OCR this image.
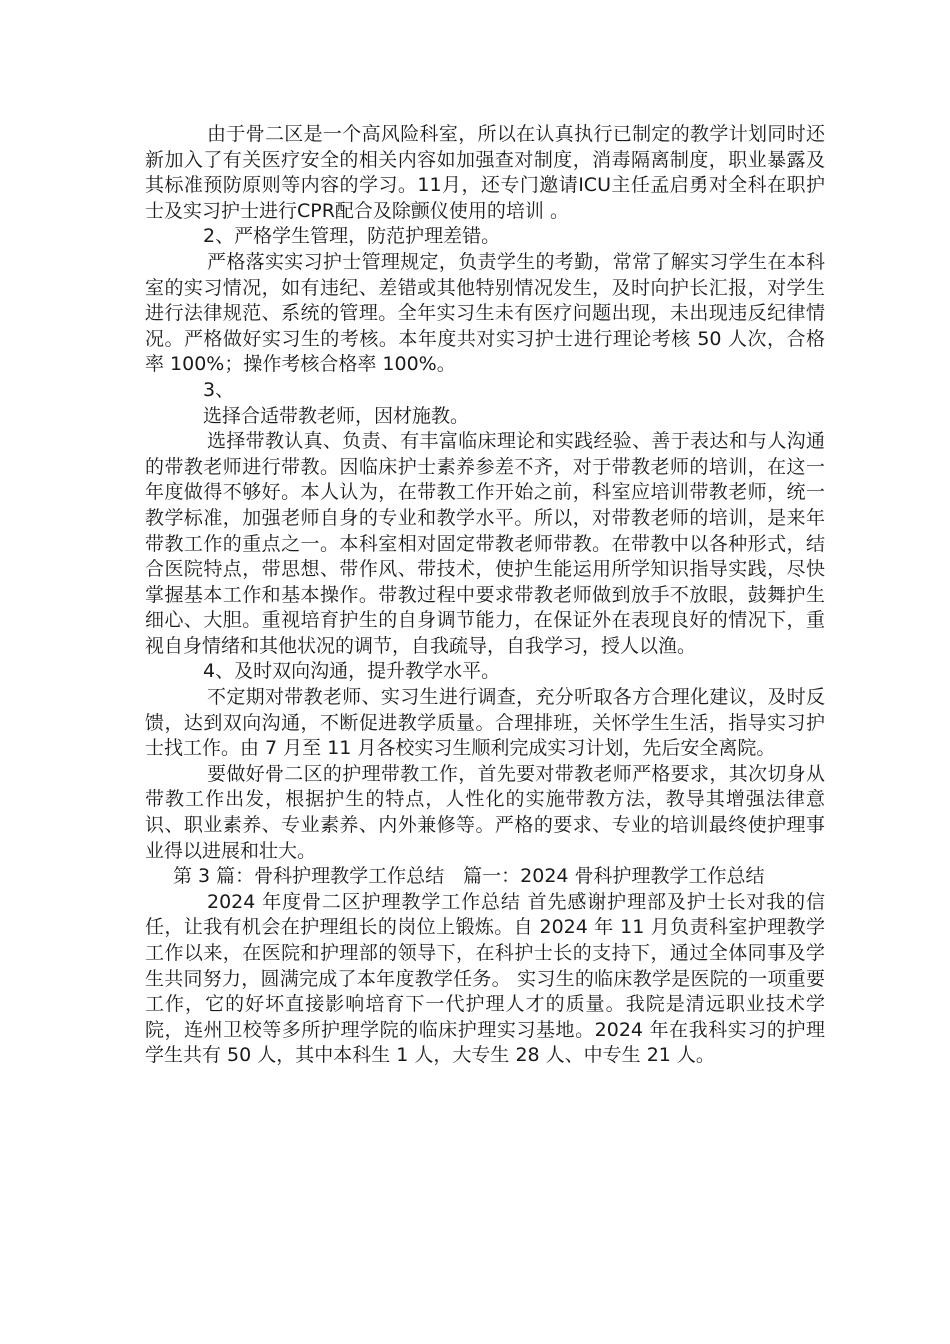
由于骨二区是一个高风险科室，所以在认真执行已制定的教学计划同时还新加入了有关医疗安全的相关内容如加强查对制度，消毒隔离制度，职业暴露及其标准预防原则等内容的学习。11月，还专门邀请ICU主任孟启勇对全科在职护士及实习护士进行CPR配合及除颤仪使用的培训 。

2、严格学生管理，防范护理差错。

严格落实实习护士管理规定，负责学生的考勤，常常了解实习学生在本科室的实习情况，如有违纪、差错或其他特别情况发生，及时向护长汇报，对学生进行法律规范、系统的管理。全年实习生未有医疗问题出现，未出现违反纪律情况。严格做好实习生的考核。本年度共对实习护士进行理论考核 50 人次，合格率 100%；操作考核合格率 100%。

3、

选择合适带教老师，因材施教。

选择带教认真、负责、有丰富临床理论和实践经验、善于表达和与人沟通的带教老师进行带教。因临床护士素养参差不齐，对于带教老师的培训，在这一年度做得不够好。本人认为，在带教工作开始之前，科室应培训带教老师，统一教学标准，加强老师自身的专业和教学水平。所以，对带教老师的培训，是来年带教工作的重点之一。本科室相对固定带教老师带教。在带教中以各种形式，结合医院特点，带思想、带作风、带技术，使护生能运用所学知识指导实践，尽快掌握基本工作和基本操作。带教过程中要求带教老师做到放手不放眼，鼓舞护生细心、大胆。重视培育护生的自身调节能力，在保证外在表现良好的情况下，重视自身情绪和其他状况的调节，自我疏导，自我学习，授人以渔。

4、及时双向沟通，提升教学水平。

不定期对带教老师、实习生进行调查，充分听取各方合理化建议，及时反馈，达到双向沟通，不断促进教学质量。合理排班，关怀学生生活，指导实习护士找工作。由 7 月至 11 月各校实习生顺利完成实习计划，先后安全离院。

要做好骨二区的护理带教工作，首先要对带教老师严格要求，其次切身从带教工作出发，根据护生的特点，人性化的实施带教方法，教导其增强法律意识、职业素养、专业素养、内外兼修等。严格的要求、专业的培训最终使护理事业得以进展和壮大。

第 3 篇：骨科护理教学工作总结　篇一：2024 骨科护理教学工作总结

2024 年度骨二区护理教学工作总结 首先感谢护理部及护士长对我的信任，让我有机会在护理组长的岗位上锻炼。自 2024 年 11 月负责科室护理教学工作以来，在医院和护理部的领导下，在科护士长的支持下，通过全体同事及学生共同努力，圆满完成了本年度教学任务。 实习生的临床教学是医院的一项重要工作，它的好坏直接影响培育下一代护理人才的质量。我院是清远职业技术学院，连州卫校等多所护理学院的临床护理实习基地。2024 年在我科实习的护理学生共有 50 人，其中本科生 1 人，大专生 28 人、中专生 21 人。
